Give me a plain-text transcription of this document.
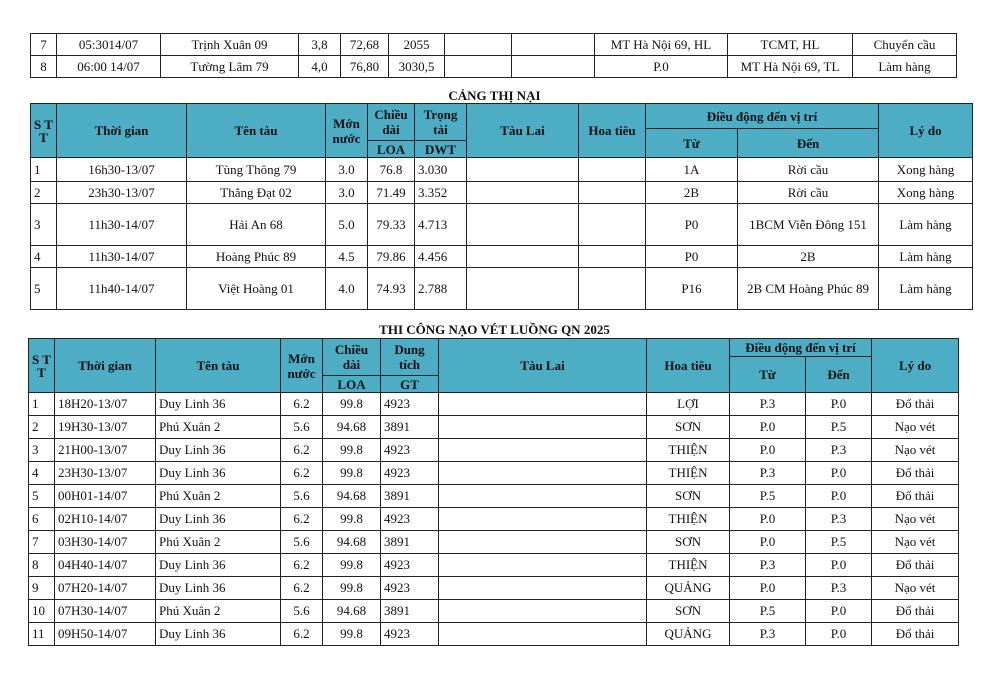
7	05:3014/07	Trịnh Xuân 09	3,8	72,68	2055			MT Hà Nội 69, HL	TCMT, HL	Chuyển cầu
8	06:00 14/07	Tường Lâm 79	4,0	76,80	3030,5			P.0	MT Hà Nội 69, TL	Làm hàng
CẢNG THỊ NẠI
S T T	Thời gian	Tên tàu	Mớn nước	Chiều dài	Trọng tải	Tàu Lai	Hoa tiêu	Điều động đến vị trí		Lý do
								Từ	Đến	
				LOA	DWT					
1	16h30-13/07	Tùng Thông 79	3.0	76.8	3.030			1A	Rời cầu	Xong hàng
2	23h30-13/07	Thắng Đạt 02	3.0	71.49	3.352			2B	Rời cầu	Xong hàng
3	11h30-14/07	Hải An 68	5.0	79.33	4.713			P0	1BCM Viễn Đông 151	Làm hàng
4	11h30-14/07	Hoàng Phúc 89	4.5	79.86	4.456			P0	2B	Làm hàng
5	11h40-14/07	Việt Hoàng 01	4.0	74.93	2.788			P16	2B CM Hoàng Phúc 89	Làm hàng
THI CÔNG NẠO VÉT LUỒNG QN 2025
S T T	Thời gian	Tên tàu	Mớn nước	Chiều dài	Dung tích	Tàu Lai	Hoa tiêu	Điều động đến vị trí		Lý do
								Từ	Đến	
				LOA	GT					
1	18H20-13/07	Duy Linh 36	6.2	99.8	4923		LỢI	P.3	P.0	Đổ thải
2	19H30-13/07	Phú Xuân 2	5.6	94.68	3891		SƠN	P.0	P.5	Nạo vét
3	21H00-13/07	Duy Linh 36	6.2	99.8	4923		THIỆN	P.0	P.3	Nạo vét
4	23H30-13/07	Duy Linh 36	6.2	99.8	4923		THIỆN	P.3	P.0	Đổ thải
5	00H01-14/07	Phú Xuân 2	5.6	94.68	3891		SƠN	P.5	P.0	Đổ thải
6	02H10-14/07	Duy Linh 36	6.2	99.8	4923		THIỆN	P.0	P.3	Nạo vét
7	03H30-14/07	Phú Xuân 2	5.6	94.68	3891		SƠN	P.0	P.5	Nạo vét
8	04H40-14/07	Duy Linh 36	6.2	99.8	4923		THIỆN	P.3	P.0	Đổ thải
9	07H20-14/07	Duy Linh 36	6.2	99.8	4923		QUẢNG	P.0	P.3	Nạo vét
10	07H30-14/07	Phú Xuân 2	5.6	94.68	3891		SƠN	P.5	P.0	Đổ thải
11	09H50-14/07	Duy Linh 36	6.2	99.8	4923		QUẢNG	P.3	P.0	Đổ thải
